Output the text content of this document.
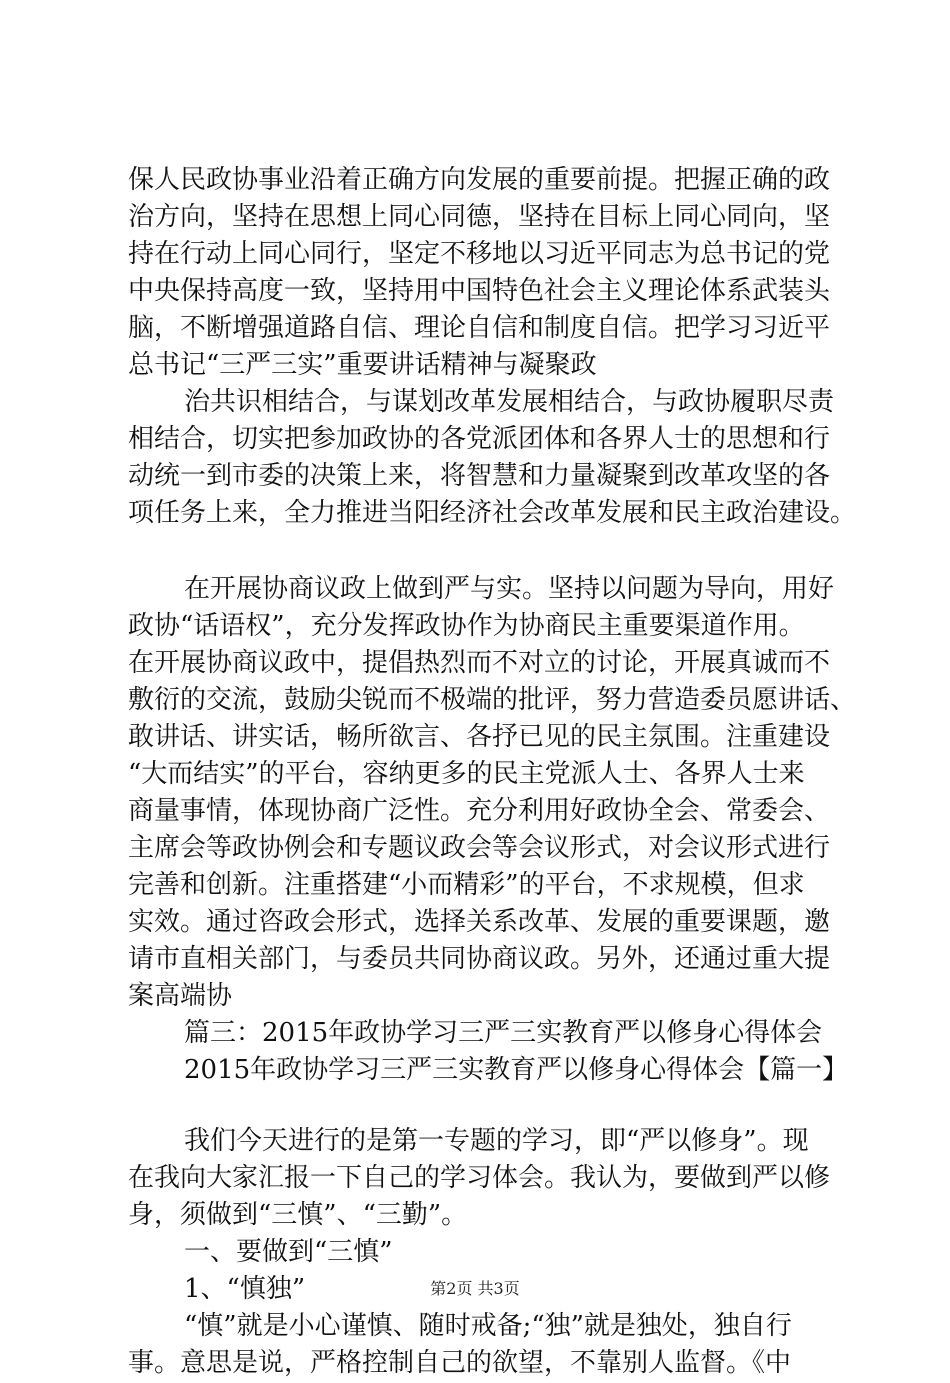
保人民政协事业沿着正确方向发展的重要前提。把握正确的政
治方向，坚持在思想上同心同德，坚持在目标上同心同向，坚
持在行动上同心同行，坚定不移地以习近平同志为总书记的党
中央保持高度一致，坚持用中国特色社会主义理论体系武装头
脑，不断增强道路自信、理论自信和制度自信。把学习习近平
总书记“三严三实”重要讲话精神与凝聚政
治共识相结合，与谋划改革发展相结合，与政协履职尽责
相结合，切实把参加政协的各党派团体和各界人士的思想和行
动统一到市委的决策上来，将智慧和力量凝聚到改革攻坚的各
项任务上来，全力推进当阳经济社会改革发展和民主政治建设。
在开展协商议政上做到严与实。坚持以问题为导向，用好
政协“话语权”，充分发挥政协作为协商民主重要渠道作用。
在开展协商议政中，提倡热烈而不对立的讨论，开展真诚而不
敷衍的交流，鼓励尖锐而不极端的批评，努力营造委员愿讲话、
敢讲话、讲实话，畅所欲言、各抒已见的民主氛围。注重建设
“大而结实”的平台，容纳更多的民主党派人士、各界人士来
商量事情，体现协商广泛性。充分利用好政协全会、常委会、
主席会等政协例会和专题议政会等会议形式，对会议形式进行
完善和创新。注重搭建“小而精彩”的平台，不求规模，但求
实效。通过咨政会形式，选择关系改革、发展的重要课题，邀
请市直相关部门，与委员共同协商议政。另外，还通过重大提
案高端协
篇三：2015年政协学习三严三实教育严以修身心得体会
2015年政协学习三严三实教育严以修身心得体会【篇一】
我们今天进行的是第一专题的学习，即“严以修身”。现
在我向大家汇报一下自己的学习体会。我认为，要做到严以修
身，须做到“三慎”、“三勤”。
一、要做到“三慎”
1、“慎独”
“慎”就是小心谨慎、随时戒备;“独”就是独处，独自行
事。意思是说，严格控制自己的欲望，不靠别人监督。《中
第2页 共3页
